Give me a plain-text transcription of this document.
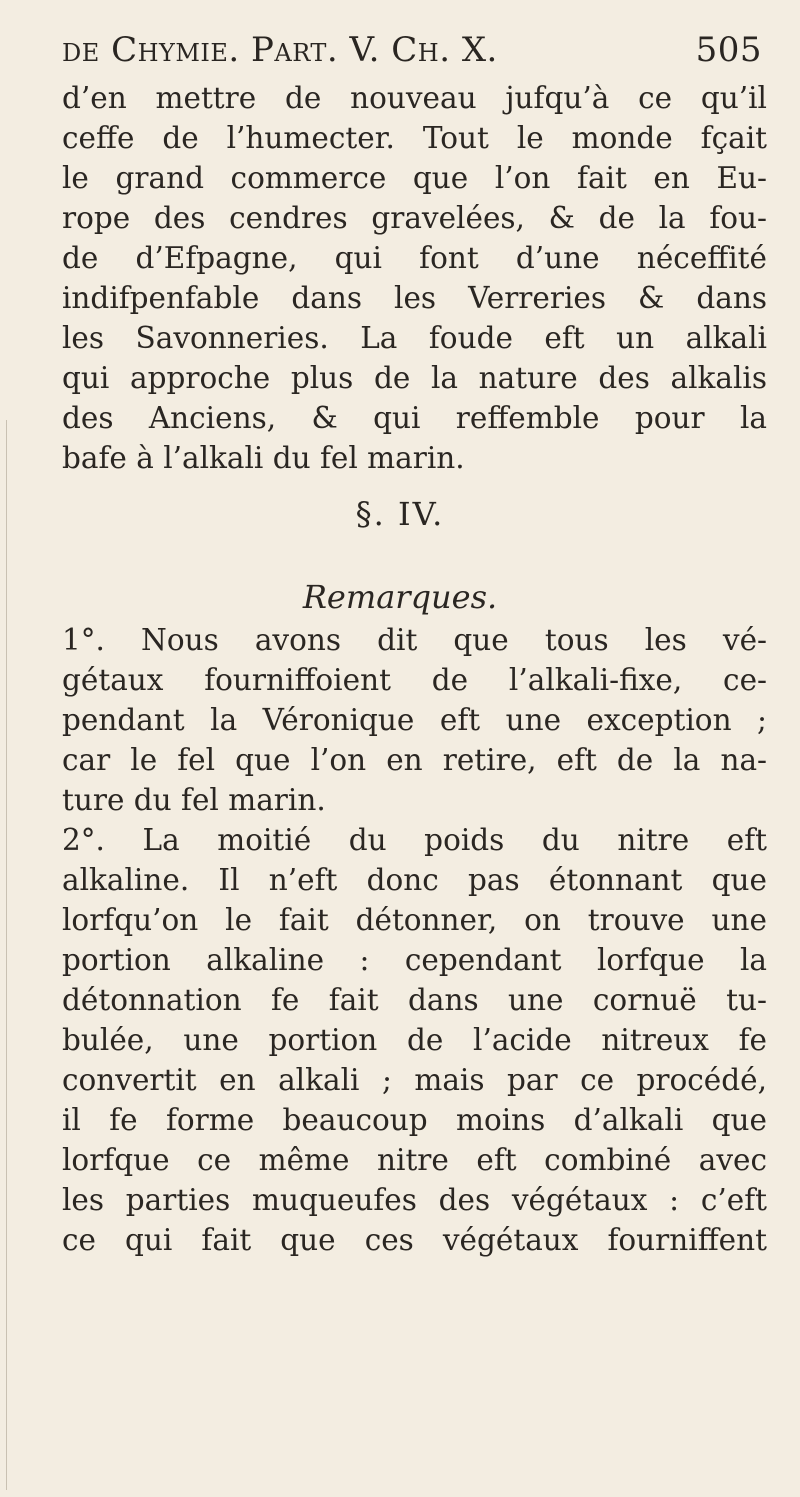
de Chymie. Part. V. Ch. X.	505
d’en mettre de nouveau jufqu’à ce qu’il
ceffe de l’humecter. Tout le monde fçait
le grand commerce que l’on fait en Eu-
rope des cendres gravelées, & de la fou-
de d’Efpagne, qui font d’une néceffité
indifpenfable dans les Verreries & dans
les Savonneries. La foude eft un alkali
qui approche plus de la nature des alkalis
des Anciens, & qui reffemble pour la
bafe à l’alkali du fel marin.
§. IV.
Remarques.
1°. Nous avons dit que tous les vé-
gétaux fourniffoient de l’alkali-fixe, ce-
pendant la Véronique eft une exception ;
car le fel que l’on en retire, eft de la na-
ture du fel marin.
2°. La moitié du poids du nitre eft
alkaline. Il n’eft donc pas étonnant que
lorfqu’on le fait détonner, on trouve une
portion alkaline : cependant lorfque la
détonnation fe fait dans une cornuë tu-
bulée, une portion de l’acide nitreux fe
convertit en alkali ; mais par ce procédé,
il fe forme beaucoup moins d’alkali que
lorfque ce même nitre eft combiné avec
les parties muqueufes des végétaux : c’eft
ce qui fait que ces végétaux fourniffent
